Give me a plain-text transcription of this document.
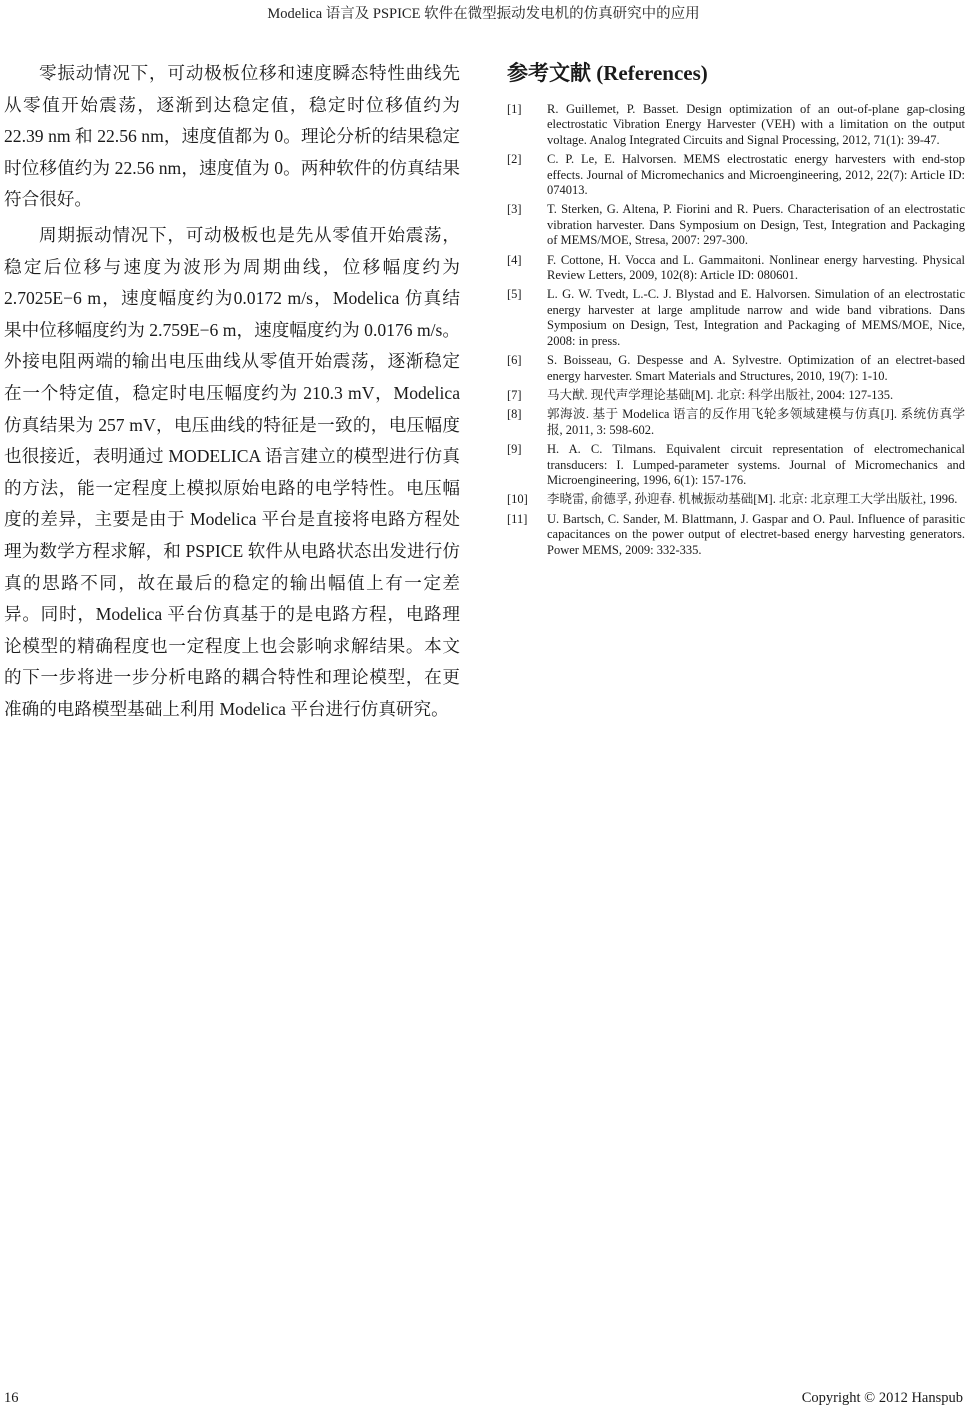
Modelica 语言及 PSPICE 软件在微型振动发电机的仿真研究中的应用

零振动情况下，可动极板位移和速度瞬态特性曲线先从零值开始震荡，逐渐到达稳定值，稳定时位移值约为 22.39 nm 和 22.56 nm，速度值都为 0。理论分析的结果稳定时位移值约为 22.56 nm，速度值为 0。两种软件的仿真结果符合很好。

周期振动情况下，可动极板也是先从零值开始震荡，稳定后位移与速度为波形为周期曲线，位移幅度约为2.7025E−6 m，速度幅度约为0.0172 m/s，Modelica 仿真结果中位移幅度约为 2.759E−6 m，速度幅度约为 0.0176 m/s。外接电阻两端的输出电压曲线从零值开始震荡，逐渐稳定在一个特定值，稳定时电压幅度约为 210.3 mV，Modelica 仿真结果为 257 mV，电压曲线的特征是一致的，电压幅度也很接近，表明通过 MODELICA 语言建立的模型进行仿真的方法，能一定程度上模拟原始电路的电学特性。电压幅度的差异，主要是由于 Modelica 平台是直接将电路方程处理为数学方程求解，和 PSPICE 软件从电路状态出发进行仿真的思路不同，故在最后的稳定的输出幅值上有一定差异。同时，Modelica 平台仿真基于的是电路方程，电路理论模型的精确程度也一定程度上也会影响求解结果。本文的下一步将进一步分析电路的耦合特性和理论模型，在更准确的电路模型基础上利用 Modelica 平台进行仿真研究。

参考文献 (References)
[1]	R. Guillemet, P. Basset. Design optimization of an out-of-plane gap-closing electrostatic Vibration Energy Harvester (VEH) with a limitation on the output voltage. Analog Integrated Circuits and Signal Processing, 2012, 71(1): 39-47.
[2]	C. P. Le, E. Halvorsen. MEMS electrostatic energy harvesters with end-stop effects. Journal of Micromechanics and Microengineering, 2012, 22(7): Article ID: 074013.
[3]	T. Sterken, G. Altena, P. Fiorini and R. Puers. Characterisation of an electrostatic vibration harvester. Dans Symposium on Design, Test, Integration and Packaging of MEMS/MOE, Stresa, 2007: 297-300.
[4]	F. Cottone, H. Vocca and L. Gammaitoni. Nonlinear energy harvesting. Physical Review Letters, 2009, 102(8): Article ID: 080601.
[5]	L. G. W. Tvedt, L.-C. J. Blystad and E. Halvorsen. Simulation of an electrostatic energy harvester at large amplitude narrow and wide band vibrations. Dans Symposium on Design, Test, Integration and Packaging of MEMS/MOE, Nice, 2008: in press.
[6]	S. Boisseau, G. Despesse and A. Sylvestre. Optimization of an electret-based energy harvester. Smart Materials and Structures, 2010, 19(7): 1-10.
[7]	马大猷. 现代声学理论基础[M]. 北京: 科学出版社, 2004: 127-135.
[8]	郭海波. 基于 Modelica 语言的反作用飞轮多领域建模与仿真[J]. 系统仿真学报, 2011, 3: 598-602.
[9]	H. A. C. Tilmans. Equivalent circuit representation of electromechanical transducers: I. Lumped-parameter systems. Journal of Micromechanics and Microengineering, 1996, 6(1): 157-176.
[10]	李晓雷, 俞德孚, 孙迎春. 机械振动基础[M]. 北京: 北京理工大学出版社, 1996.
[11]	U. Bartsch, C. Sander, M. Blattmann, J. Gaspar and O. Paul. Influence of parasitic capacitances on the power output of electret-based energy harvesting generators. Power MEMS, 2009: 332-335.
16	Copyright © 2012 Hanspub
